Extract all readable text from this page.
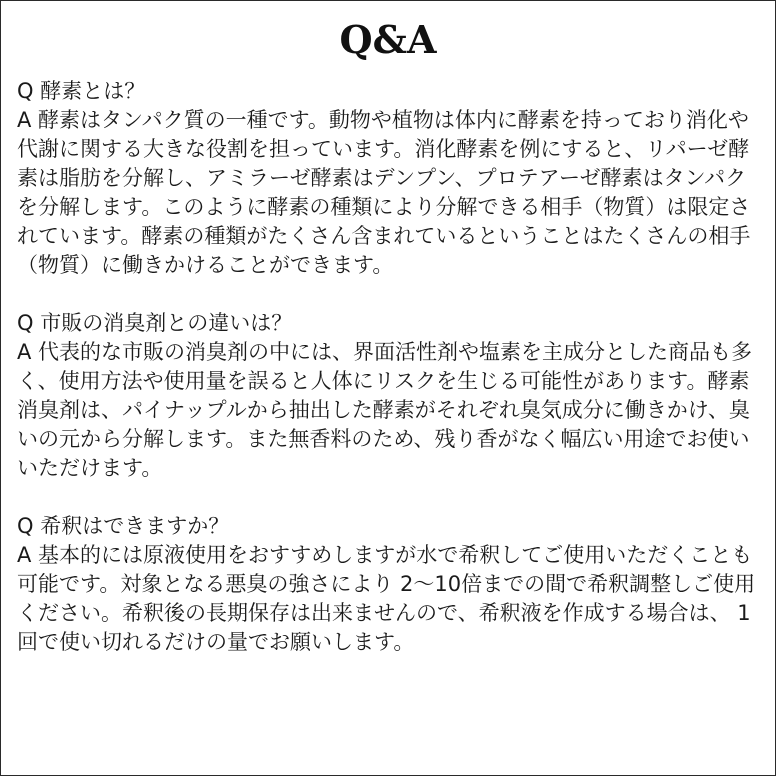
Q&A

Q 酵素とは？

A 酵素はタンパク質の一種です。動物や植物は体内に酵素を持っており消化や代謝に関する大きな役割を担っています。消化酵素を例にすると、リパーゼ酵素は脂肪を分解し、アミラーゼ酵素はデンプン、プロテアーゼ酵素はタンパクを分解します。このように酵素の種類により分解できる相手（物質）は限定されています。酵素の種類がたくさん含まれているということはたくさんの相手（物質）に働きかけることができます。

Q 市販の消臭剤との違いは？

A 代表的な市販の消臭剤の中には、界面活性剤や塩素を主成分とした商品も多く、使用方法や使用量を誤ると人体にリスクを生じる可能性があります。酵素消臭剤は、パイナップルから抽出した酵素がそれぞれ臭気成分に働きかけ、臭いの元から分解します。また無香料のため、残り香がなく幅広い用途でお使いいただけます。

Q 希釈はできますか？

A 基本的には原液使用をおすすめしますが水で希釈してご使用いただくことも可能です。対象となる悪臭の強さにより 2〜10倍までの間で希釈調整しご使用ください。希釈後の長期保存は出来ませんので、希釈液を作成する場合は、 1回で使い切れるだけの量でお願いします。
